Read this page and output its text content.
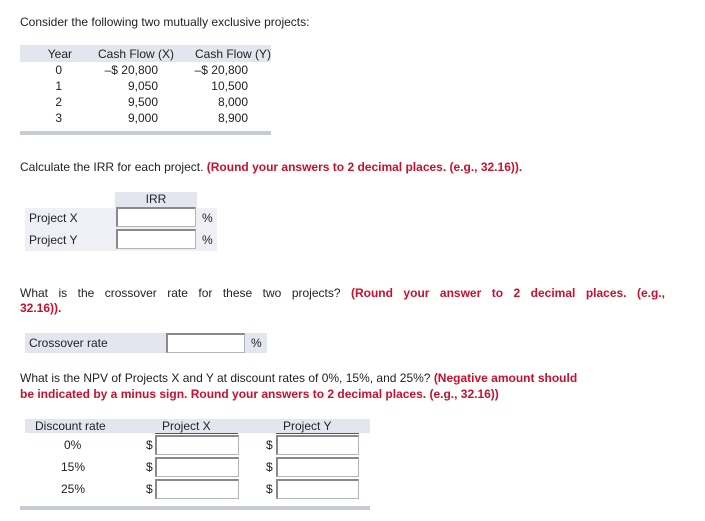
Consider the following two mutually exclusive projects:
Year	Cash Flow (X)	Cash Flow (Y)
0	–$ 20,800	–$ 20,800
1	9,050	10,500
2	9,500	8,000
3	9,000	8,900
Calculate the IRR for each project. (Round your answers to 2 decimal places. (e.g., 32.16)).
IRR
Project X	%
Project Y	%
What is the crossover rate for these two projects? (Round your answer to 2 decimal places. (e.g.,
32.16)).
Crossover rate	%
What is the NPV of Projects X and Y at discount rates of 0%, 15%, and 25%? (Negative amount should
be indicated by a minus sign. Round your answers to 2 decimal places. (e.g., 32.16))
Discount rate	Project X	Project Y
0%	$	$
15%	$	$
25%	$	$
